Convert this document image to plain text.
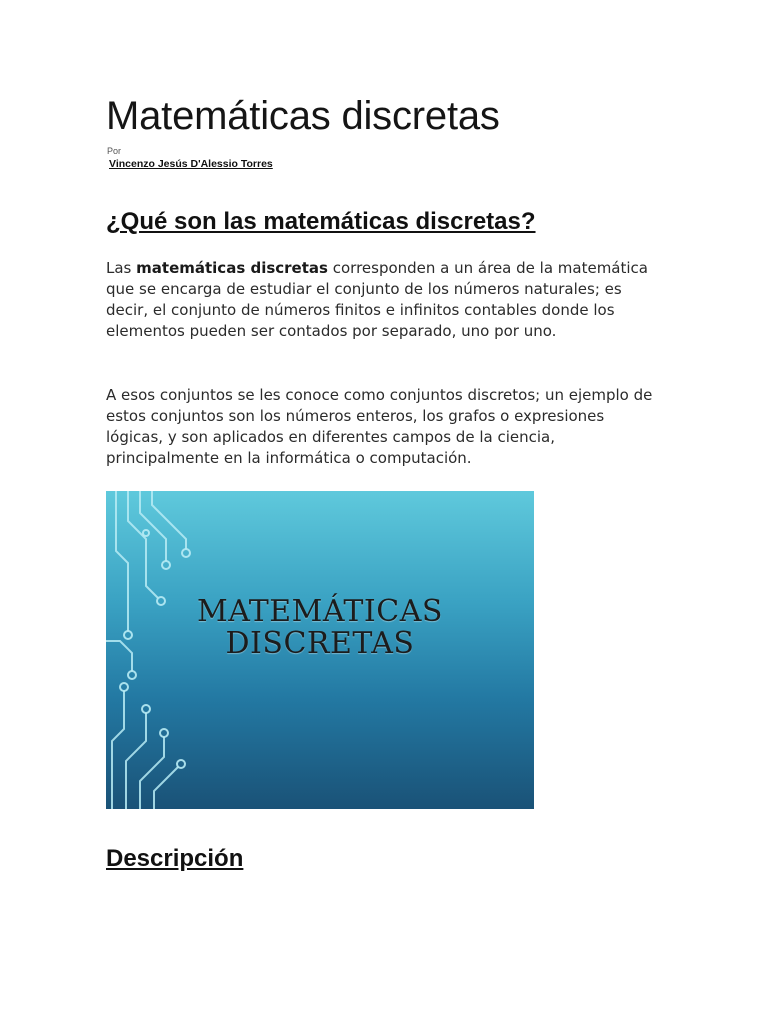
Matemáticas discretas
Por
Vincenzo Jesús D'Alessio Torres
¿Qué son las matemáticas discretas?

Las matemáticas discretas corresponden a un área de la matemática que se encarga de estudiar el conjunto de los números naturales; es decir, el conjunto de números finitos e infinitos contables donde los elementos pueden ser contados por separado, uno por uno.

A esos conjuntos se les conoce como conjuntos discretos; un ejemplo de estos conjuntos son los números enteros, los grafos o expresiones lógicas, y son aplicados en diferentes campos de la ciencia, principalmente en la informática o computación.

MATEMÁTICAS
DISCRETAS
Descripción
